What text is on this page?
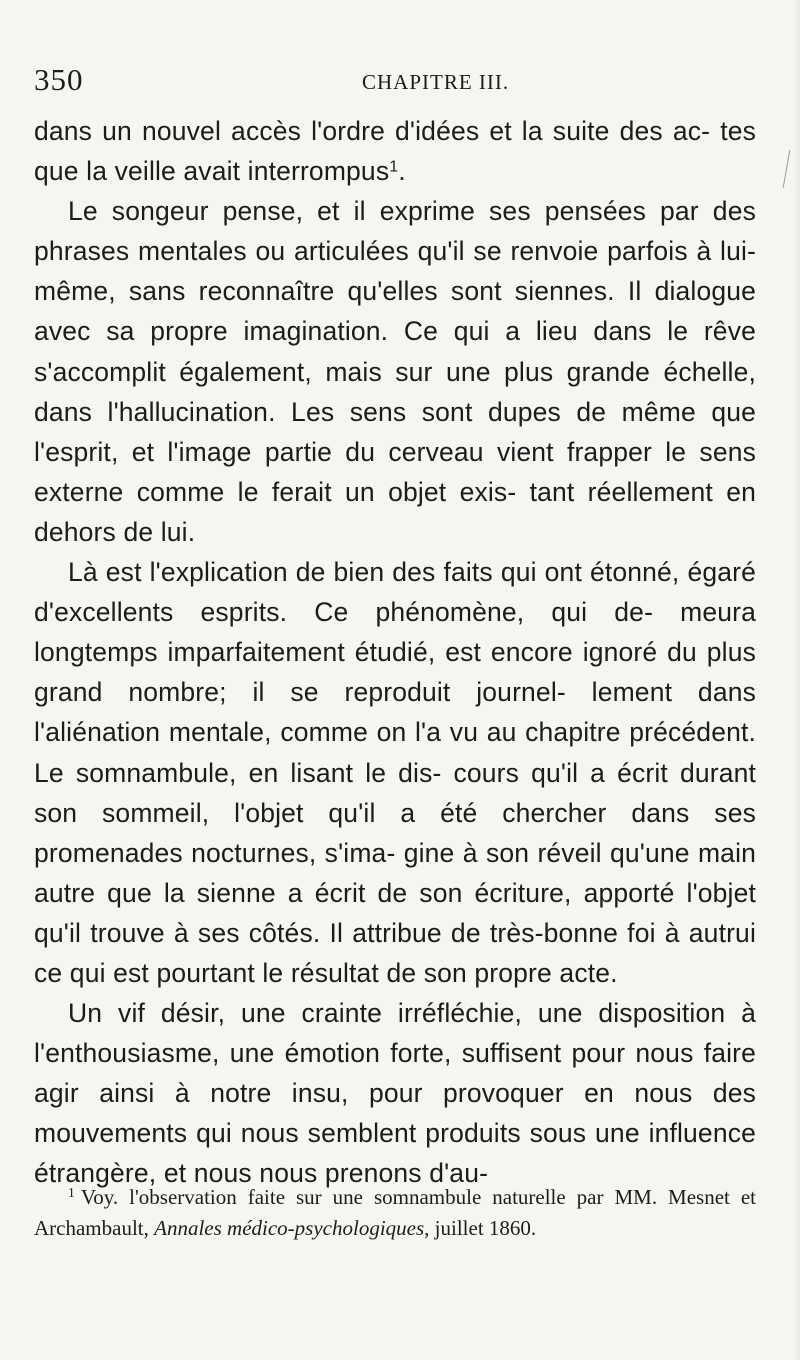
350	CHAPITRE III.

dans un nouvel accès l'ordre d'idées et la suite des ac- tes que la veille avait interrompus$^1$.

Le songeur pense, et il exprime ses pensées par des phrases mentales ou articulées qu'il se renvoie parfois à lui-même, sans reconnaître qu'elles sont siennes. Il dialogue avec sa propre imagination. Ce qui a lieu dans le rêve s'accomplit également, mais sur une plus grande échelle, dans l'hallucination. Les sens sont dupes de même que l'esprit, et l'image partie du cerveau vient frapper le sens externe comme le ferait un objet exis- tant réellement en dehors de lui.

Là est l'explication de bien des faits qui ont étonné, égaré d'excellents esprits. Ce phénomène, qui de- meura longtemps imparfaitement étudié, est encore ignoré du plus grand nombre; il se reproduit journel- lement dans l'aliénation mentale, comme on l'a vu au chapitre précédent. Le somnambule, en lisant le dis- cours qu'il a écrit durant son sommeil, l'objet qu'il a été chercher dans ses promenades nocturnes, s'ima- gine à son réveil qu'une main autre que la sienne a écrit de son écriture, apporté l'objet qu'il trouve à ses côtés. Il attribue de très-bonne foi à autrui ce qui est pourtant le résultat de son propre acte.

Un vif désir, une crainte irréfléchie, une disposition à l'enthousiasme, une émotion forte, suffisent pour nous faire agir ainsi à notre insu, pour provoquer en nous des mouvements qui nous semblent produits sous une influence étrangère, et nous nous prenons d'au-

$^1$ Voy. l'observation faite sur une somnambule naturelle par MM. Mesnet et Archambault, Annales médico-psychologiques, juillet 1860.
